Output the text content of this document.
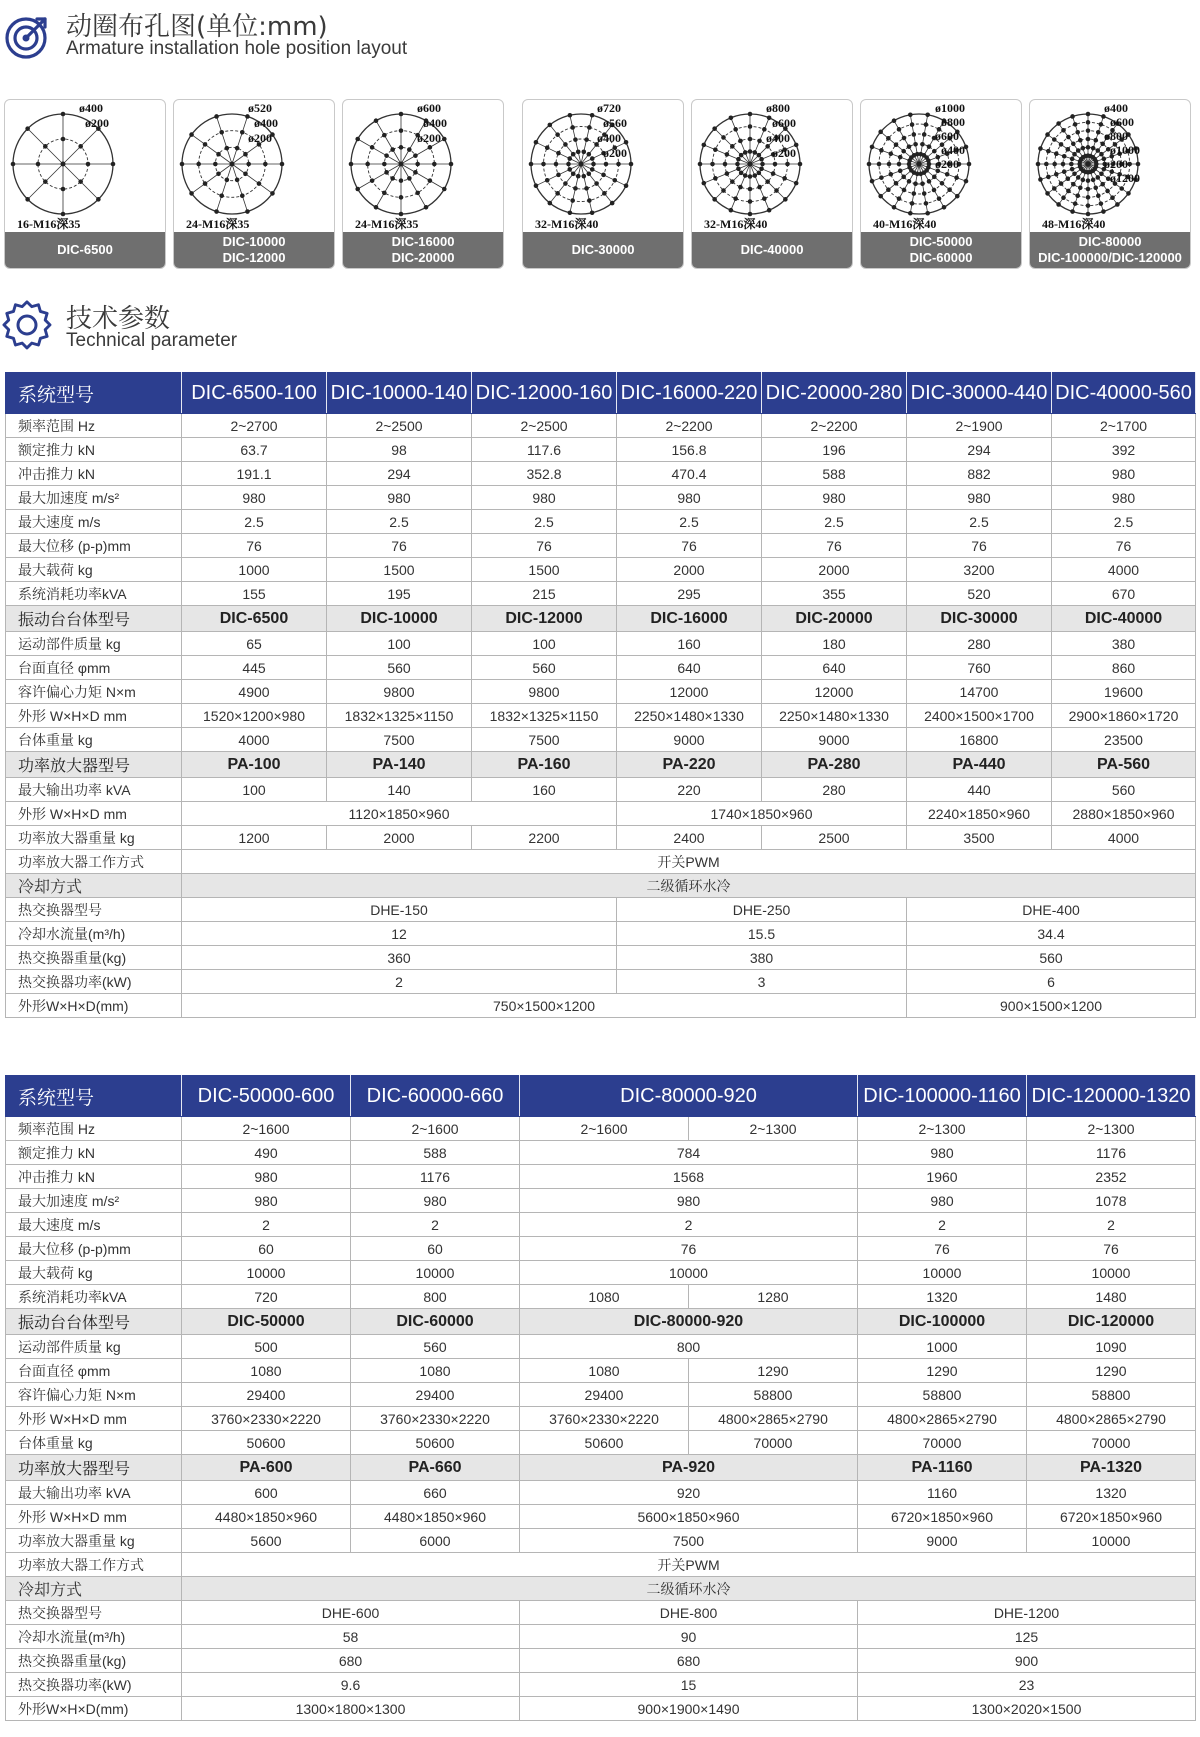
动圈布孔图(单位:mm)
Armature installation hole position layout
ø400
ø200
16-M16深35
DIC-6500
ø520
ø400
ø200
24-M16深35
DIC-10000
DIC-12000
ø600
ø400
ø200
24-M16深35
DIC-16000
DIC-20000
ø720
ø560
ø400
ø200
32-M16深40
DIC-30000
ø800
ø600
ø400
ø200
32-M16深40
DIC-40000
ø1000
ø800
ø600
ø400
ø200
40-M16深40
DIC-50000
DIC-60000
ø400
ø600
ø800
ø1000
ø200
ø1200
48-M16深40
DIC-80000
DIC-100000/DIC-120000
技术参数
Technical parameter
系统型号	DIC-6500-100	DIC-10000-140	DIC-12000-160	DIC-16000-220	DIC-20000-280	DIC-30000-440	DIC-40000-560
频率范围 Hz	2~2700	2~2500	2~2500	2~2200	2~2200	2~1900	2~1700
额定推力 kN	63.7	98	117.6	156.8	196	294	392
冲击推力 kN	191.1	294	352.8	470.4	588	882	980
最大加速度 m/s²	980	980	980	980	980	980	980
最大速度 m/s	2.5	2.5	2.5	2.5	2.5	2.5	2.5
最大位移 (p-p)mm	76	76	76	76	76	76	76
最大载荷 kg	1000	1500	1500	2000	2000	3200	4000
系统消耗功率kVA	155	195	215	295	355	520	670
振动台台体型号	DIC-6500	DIC-10000	DIC-12000	DIC-16000	DIC-20000	DIC-30000	DIC-40000
运动部件质量 kg	65	100	100	160	180	280	380
台面直径 φmm	445	560	560	640	640	760	860
容许偏心力矩 N×m	4900	9800	9800	12000	12000	14700	19600
外形 W×H×D mm	1520×1200×980	1832×1325×1150	1832×1325×1150	2250×1480×1330	2250×1480×1330	2400×1500×1700	2900×1860×1720
台体重量 kg	4000	7500	7500	9000	9000	16800	23500
功率放大器型号	PA-100	PA-140	PA-160	PA-220	PA-280	PA-440	PA-560
最大输出功率 kVA	100	140	160	220	280	440	560
外形 W×H×D mm	1120×1850×960			1740×1850×960		2240×1850×960	2880×1850×960
功率放大器重量 kg	1200	2000	2200	2400	2500	3500	4000
功率放大器工作方式	开关PWM						
冷却方式	二级循环水冷						
热交换器型号	DHE-150			DHE-250		DHE-400	
冷却水流量(m³/h)	12			15.5		34.4	
热交换器重量(kg)	360			380		560	
热交换器功率(kW)	2			3		6	
外形W×H×D(mm)	750×1500×1200					900×1500×1200	
系统型号	DIC-50000-600	DIC-60000-660	DIC-80000-920		DIC-100000-1160	DIC-120000-1320
频率范围 Hz	2~1600	2~1600	2~1600	2~1300	2~1300	2~1300
额定推力 kN	490	588	784		980	1176
冲击推力 kN	980	1176	1568		1960	2352
最大加速度 m/s²	980	980	980		980	1078
最大速度 m/s	2	2	2		2	2
最大位移 (p-p)mm	60	60	76		76	76
最大载荷 kg	10000	10000	10000		10000	10000
系统消耗功率kVA	720	800	1080	1280	1320	1480
振动台台体型号	DIC-50000	DIC-60000	DIC-80000-920		DIC-100000	DIC-120000
运动部件质量 kg	500	560	800		1000	1090
台面直径 φmm	1080	1080	1080	1290	1290	1290
容许偏心力矩 N×m	29400	29400	29400	58800	58800	58800
外形 W×H×D mm	3760×2330×2220	3760×2330×2220	3760×2330×2220	4800×2865×2790	4800×2865×2790	4800×2865×2790
台体重量 kg	50600	50600	50600	70000	70000	70000
功率放大器型号	PA-600	PA-660	PA-920		PA-1160	PA-1320
最大输出功率 kVA	600	660	920		1160	1320
外形 W×H×D mm	4480×1850×960	4480×1850×960	5600×1850×960		6720×1850×960	6720×1850×960
功率放大器重量 kg	5600	6000	7500		9000	10000
功率放大器工作方式	开关PWM					
冷却方式	二级循环水冷					
热交换器型号	DHE-600		DHE-800		DHE-1200	
冷却水流量(m³/h)	58		90		125	
热交换器重量(kg)	680		680		900	
热交换器功率(kW)	9.6		15		23	
外形W×H×D(mm)	1300×1800×1300		900×1900×1490		1300×2020×1500	
